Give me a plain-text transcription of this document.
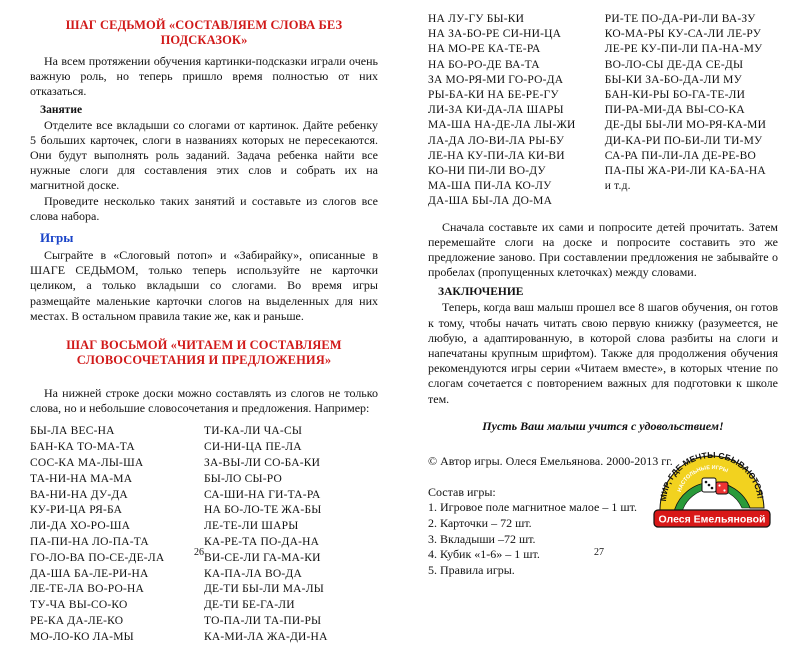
ШАГ СЕДЬМОЙ «СОСТАВЛЯЕМ СЛОВА БЕЗ ПОДСКАЗОК»

На всем протяжении обучения картинки-подсказки играли очень важную роль, но теперь пришло время полностью от них отказаться.

Занятие

Отделите все вкладыши со слогами от картинок. Дайте ребенку 5 больших карточек, слоги в названиях которых не пересекаются. Они будут выполнять роль заданий. Задача ребенка найти все нужные слоги для составления этих слов и собрать их на магнитной доске.

Проведите несколько таких занятий и составьте из слогов все слова набора.

Игры

Сыграйте в «Слоговый потоп» и «Забирайку», описанные в ШАГЕ СЕДЬМОМ, только теперь используйте не карточки целиком, а только вкладыши со слогами. Во время игры размещайте маленькие карточки слогов на выделенных для них местах. В остальном правила такие же, как и раньше.

ШАГ ВОСЬМОЙ «ЧИТАЕМ И СОСТАВЛЯЕМ СЛОВОСОЧЕТАНИЯ И ПРЕДЛОЖЕНИЯ»

На нижней строке доски можно составлять из слогов не только слова, но и небольшие словосочетания и предложения. Например:

БЫ-ЛА ВЕС-НА
БАН-КА ТО-МА-ТА
СОС-КА МА-ЛЫ-ША
ТА-НИ-НА МА-МА
ВА-НИ-НА ДУ-ДА
КУ-РИ-ЦА РЯ-БА
ЛИ-ДА ХО-РО-ША
ПА-ПИ-НА ЛО-ПА-ТА
ГО-ЛО-ВА ПО-СЕ-ДЕ-ЛА
ДА-ША БА-ЛЕ-РИ-НА
ЛЕ-ТЕ-ЛА ВО-РО-НА
ТУ-ЧА ВЫ-СО-КО
РЕ-КА ДА-ЛЕ-КО
МО-ЛО-КО ЛА-МЫ
ТИ-КА-ЛИ ЧА-СЫ
СИ-НИ-ЦА ПЕ-ЛА
ЗА-ВЫ-ЛИ СО-БА-КИ
БЫ-ЛО СЫ-РО
СА-ШИ-НА ГИ-ТА-РА
НА БО-ЛО-ТЕ ЖА-БЫ
ЛЕ-ТЕ-ЛИ ШАРЫ
КА-РЕ-ТА ПО-ДА-НА
ВИ-СЕ-ЛИ ГА-МА-КИ
КА-ПА-ЛА ВО-ДА
ДЕ-ТИ БЫ-ЛИ МА-ЛЫ
ДЕ-ТИ БЕ-ГА-ЛИ
ТО-ПА-ЛИ ТА-ПИ-РЫ
КА-МИ-ЛА ЖА-ДИ-НА
26
НА ЛУ-ГУ БЫ-КИ
НА ЗА-БО-РЕ СИ-НИ-ЦА
НА МО-РЕ КА-ТЕ-РА
НА БО-РО-ДЕ ВА-ТА
ЗА МО-РЯ-МИ ГО-РО-ДА
РЫ-БА-КИ НА БЕ-РЕ-ГУ
ЛИ-ЗА КИ-ДА-ЛА ШАРЫ
МА-ША НА-ДЕ-ЛА ЛЫ-ЖИ
ЛА-ДА ЛО-ВИ-ЛА РЫ-БУ
ЛЕ-НА КУ-ПИ-ЛА КИ-ВИ
КО-НИ ПИ-ЛИ ВО-ДУ
МА-ША ПИ-ЛА КО-ЛУ
ДА-ША БЫ-ЛА ДО-МА
РИ-ТЕ ПО-ДА-РИ-ЛИ ВА-ЗУ
КО-МА-РЫ КУ-СА-ЛИ ЛЕ-РУ
ЛЕ-РЕ КУ-ПИ-ЛИ ПА-НА-МУ
ВО-ЛО-СЫ ДЕ-ДА СЕ-ДЫ
БЫ-КИ ЗА-БО-ДА-ЛИ МУ
БАН-КИ-РЫ БО-ГА-ТЕ-ЛИ
ПИ-РА-МИ-ДА ВЫ-СО-КА
ДЕ-ДЫ БЫ-ЛИ МО-РЯ-КА-МИ
ДИ-КА-РИ ПО-БИ-ЛИ ТИ-МУ
СА-РА ПИ-ЛИ-ЛА ДЕ-РЕ-ВО
ПА-ПЫ ЖА-РИ-ЛИ КА-БА-НА
и т.д.

Сначала составьте их сами и попросите детей прочитать. Затем перемешайте слоги на доске и попросите составить это же предложение заново. При составлении предложения не забывайте о пробелах (пропущенных клеточках) между словами.

ЗАКЛЮЧЕНИЕ

Теперь, когда ваш малыш прошел все 8 шагов обучения, он готов к тому, чтобы начать читать свою первую книжку (разумеется, не любую, а адаптированную, в которой слова разбиты на слоги и напечатаны крупным шрифтом). Также для продолжения обучения рекомендуются игры серии «Читаем вместе», в которых чтение по слогам сочетается с повторением важных для подготовки к школе тем.

Пусть Ваш малыш учится с удовольствием!

© Автор игры. Олеся Емельянова. 2000-2013 гг.

Состав игры:

1. Игровое поле магнитное малое – 1 шт.
2. Карточки – 72 шт.
3. Вкладыши –72 шт.
4. Кубик «1-6» – 1 шт.
5. Правила игры.
27
МИР, ГДЕ МЕЧТЫ СБЫВАЮТСЯ!
НАСТОЛЬНЫЕ ИГРЫ
Олеся Емельяновой
